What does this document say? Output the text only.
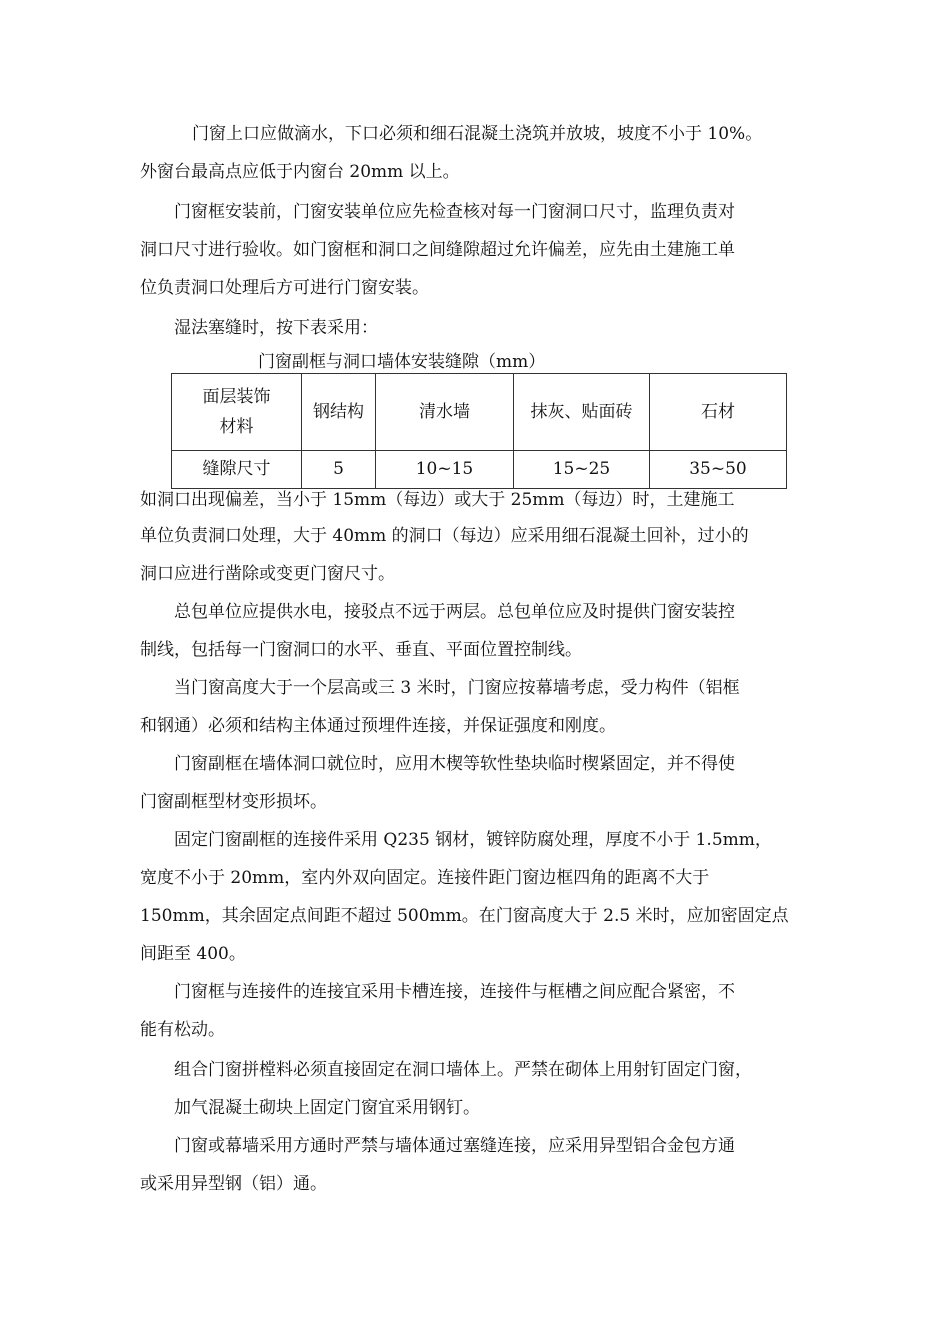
门窗上口应做滴水，下口必须和细石混凝土浇筑并放坡，坡度不小于 10%。
外窗台最高点应低于内窗台 20mm 以上。
门窗框安装前，门窗安装单位应先检查核对每一门窗洞口尺寸，监理负责对
洞口尺寸进行验收。如门窗框和洞口之间缝隙超过允许偏差，应先由土建施工单
位负责洞口处理后方可进行门窗安装。
湿法塞缝时，按下表采用：
门窗副框与洞口墙体安装缝隙（mm）
面层装饰
材料	钢结构	清水墙	抹灰、贴面砖	石材
缝隙尺寸	5	10~15	15~25	35~50
如洞口出现偏差，当小于 15mm（每边）或大于 25mm（每边）时，土建施工
单位负责洞口处理，大于 40mm 的洞口（每边）应采用细石混凝土回补，过小的
洞口应进行凿除或变更门窗尺寸。
总包单位应提供水电，接驳点不远于两层。总包单位应及时提供门窗安装控
制线，包括每一门窗洞口的水平、垂直、平面位置控制线。
当门窗高度大于一个层高或三 3 米时，门窗应按幕墙考虑，受力构件（铝框
和钢通）必须和结构主体通过预埋件连接，并保证强度和刚度。
门窗副框在墙体洞口就位时，应用木楔等软性垫块临时楔紧固定，并不得使
门窗副框型材变形损坏。
固定门窗副框的连接件采用 Q235 钢材，镀锌防腐处理，厚度不小于 1.5mm，
宽度不小于 20mm，室内外双向固定。连接件距门窗边框四角的距离不大于
150mm，其余固定点间距不超过 500mm。在门窗高度大于 2.5 米时，应加密固定点
间距至 400。
门窗框与连接件的连接宜采用卡槽连接，连接件与框槽之间应配合紧密，不
能有松动。
组合门窗拼樘料必须直接固定在洞口墙体上。严禁在砌体上用射钉固定门窗，
加气混凝土砌块上固定门窗宜采用钢钉。
门窗或幕墙采用方通时严禁与墙体通过塞缝连接，应采用异型铝合金包方通
或采用异型钢（铝）通。
